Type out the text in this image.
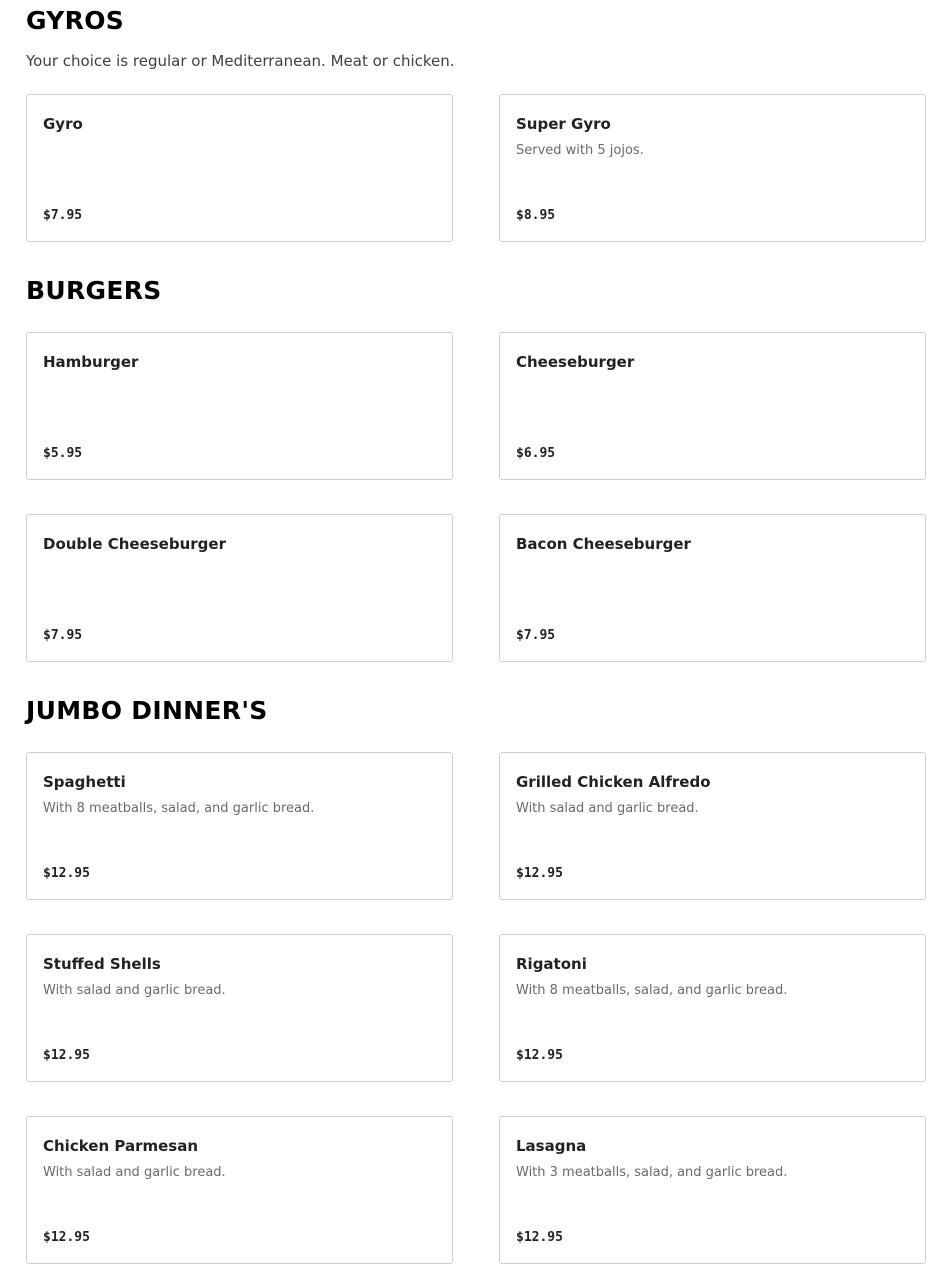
GYROS

Your choice is regular or Mediterranean. Meat or chicken.

Gyro
$7.95
Super Gyro
Served with 5 jojos.
$8.95
BURGERS
Hamburger
$5.95
Cheeseburger
$6.95
Double Cheeseburger
$7.95
Bacon Cheeseburger
$7.95
JUMBO DINNER'S
Spaghetti
With 8 meatballs, salad, and garlic bread.
$12.95
Grilled Chicken Alfredo
With salad and garlic bread.
$12.95
Stuffed Shells
With salad and garlic bread.
$12.95
Rigatoni
With 8 meatballs, salad, and garlic bread.
$12.95
Chicken Parmesan
With salad and garlic bread.
$12.95
Lasagna
With 3 meatballs, salad, and garlic bread.
$12.95
